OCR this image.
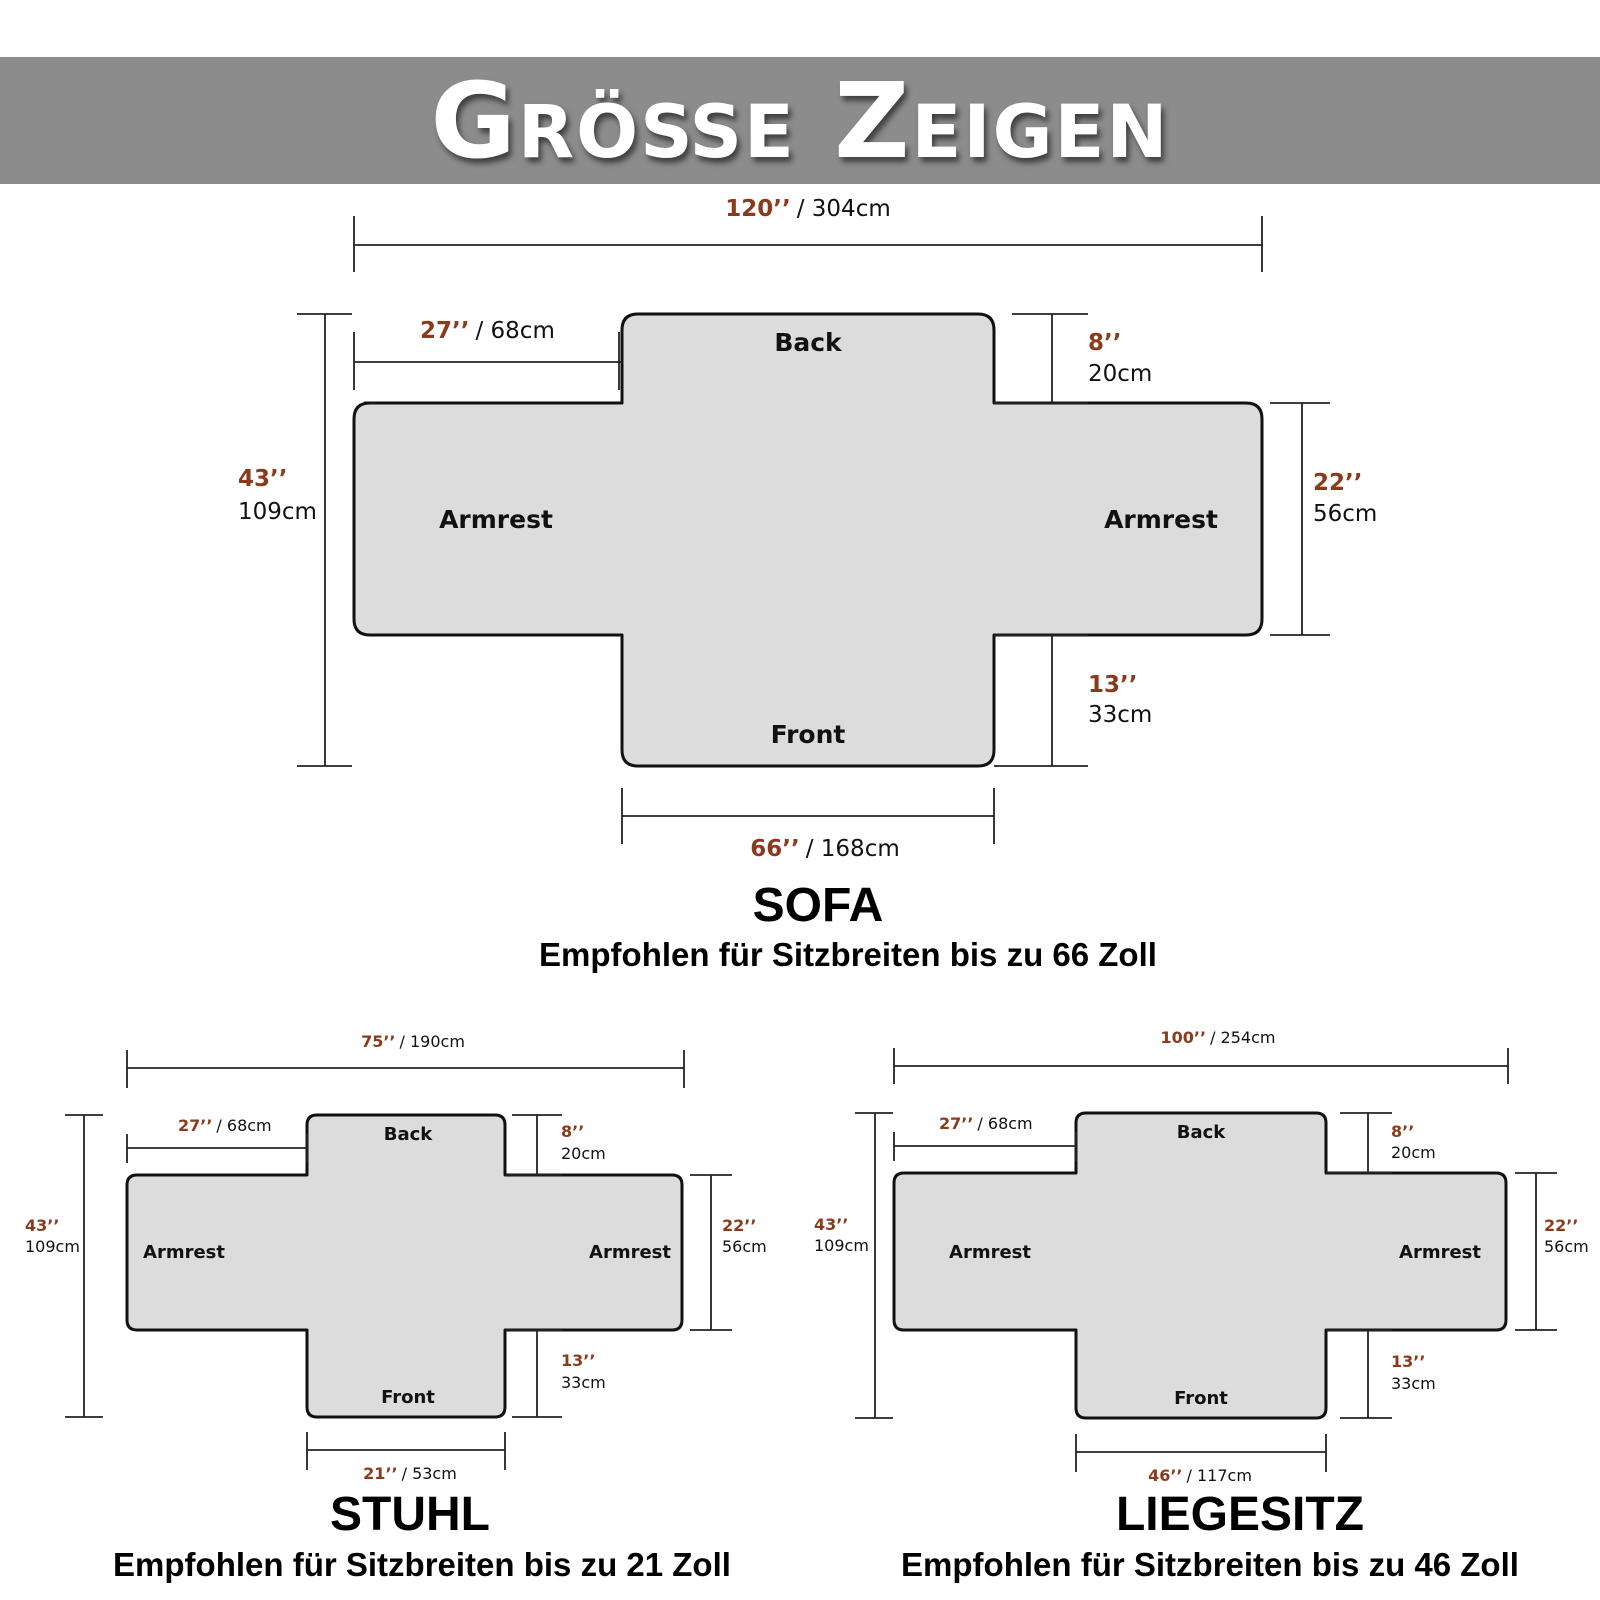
Größe Zeigen
120’’ / 304cm
27’’ / 68cm	8’’
20cm
43’’
109cm
22’’
56cm
13’’
33cm
66’’ / 168cm
Back
Front
Armrest	Armrest
SOFA
Empfohlen für Sitzbreiten bis zu 66 Zoll
75’’ / 190cm
27’’ / 68cm	8’’
20cm
43’’
109cm
22’’
56cm
13’’
33cm
21’’ / 53cm
Back
Front
Armrest	Armrest
STUHL
Empfohlen für Sitzbreiten bis zu 21 Zoll
100’’ / 254cm
27’’ / 68cm	8’’
20cm
43’’
109cm
22’’
56cm
13’’
33cm
46’’ / 117cm
Back
Front
Armrest	Armrest
LIEGESITZ
Empfohlen für Sitzbreiten bis zu 46 Zoll
